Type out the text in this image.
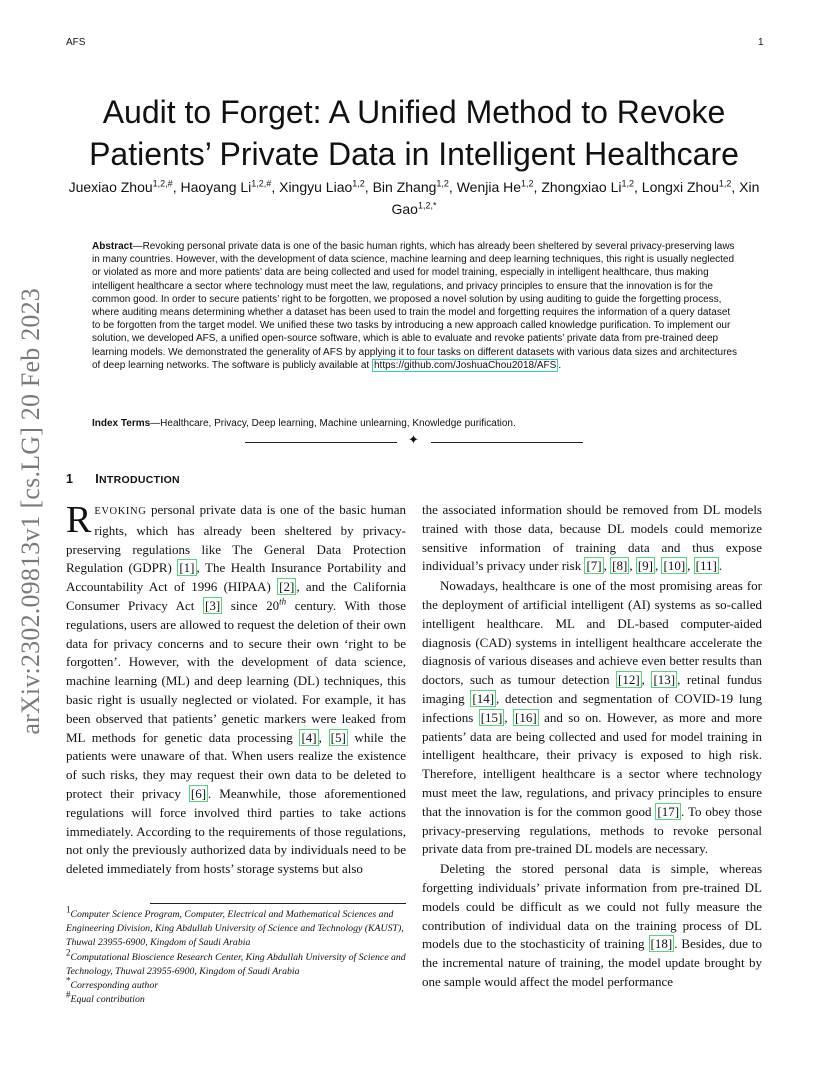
AFS	1
arXiv:2302.09813v1 [cs.LG] 20 Feb 2023
Audit to Forget: A Unified Method to Revoke Patients’ Private Data in Intelligent Healthcare
Juexiao Zhou$^{1,2,\#}$, Haoyang $Li^{1,2,\#}$, Xingyu Liao$^{1,2}$, Bin Zhang$^{1,2}$, Wenjia He$^{1,2}$, Zhongxiao Li$^{1,2}$, Longxi Zhou$^{1,2}$, Xin Gao$^{1,2,*}$
Abstract—Revoking personal private data is one of the basic human rights, which has already been sheltered by several privacy-preserving laws in many countries. However, with the development of data science, machine learning and deep learning techniques, this right is usually neglected or violated as more and more patients’ data are being collected and used for model training, especially in intelligent healthcare, thus making intelligent healthcare a sector where technology must meet the law, regulations, and privacy principles to ensure that the innovation is for the common good. In order to secure patients’ right to be forgotten, we proposed a novel solution by using auditing to guide the forgetting process, where auditing means determining whether a dataset has been used to train the model and forgetting requires the information of a query dataset to be forgotten from the target model. We unified these two tasks by introducing a new approach called knowledge purification. To implement our solution, we developed AFS, a unified open-source software, which is able to evaluate and revoke patients’ private data from pre-trained deep learning models. We demonstrated the generality of AFS by applying it to four tasks on different datasets with various data sizes and architectures of deep learning networks. The software is publicly available at https://github.com/JoshuaChou2018/AFS .
Index Terms—Healthcare, Privacy, Deep learning, Machine unlearning, Knowledge purification.
✦
1 INTRODUCTION

REVOKING personal private data is one of the basic human rights, which has already been sheltered by privacy-preserving regulations like The General Data Protection Regulation (GDPR) [1] , The Health Insurance Portability and Accountability Act of 1996 (HIPAA) [2] , and the California Consumer Privacy Act [3] since 20th century. With those regulations, users are allowed to request the deletion of their own data for privacy concerns and to secure their own ‘right to be forgotten’. However, with the development of data science, machine learning (ML) and deep learning (DL) techniques, this basic right is usually neglected or violated. For example, it has been observed that patients’ genetic markers were leaked from ML methods for genetic data processing [4] , [5] while the patients were unaware of that. When users realize the existence of such risks, they may request their own data to be deleted to protect their privacy [6] . Meanwhile, those aforementioned regulations will force involved third parties to take actions immediately. According to the requirements of those regulations, not only the previously authorized data by individuals need to be deleted immediately from hosts’ storage systems but also

the associated information should be removed from DL models trained with those data, because DL models could memorize sensitive information of training data and thus expose individual’s privacy under risk [7] , [8] , [9] , [10] , [11] .

Nowadays, healthcare is one of the most promising areas for the deployment of artificial intelligent (AI) systems as so-called intelligent healthcare. ML and DL-based computer-aided diagnosis (CAD) systems in intelligent healthcare accelerate the diagnosis of various diseases and achieve even better results than doctors, such as tumour detection [12] , [13] , retinal fundus imaging [14] , detection and segmentation of COVID-19 lung infections [15] , [16] and so on. However, as more and more patients’ data are being collected and used for model training in intelligent healthcare, their privacy is exposed to high risk. Therefore, intelligent healthcare is a sector where technology must meet the law, regulations, and privacy principles to ensure that the innovation is for the common good [17] . To obey those privacy-preserving regulations, methods to revoke personal private data from pre-trained DL models are necessary.

Deleting the stored personal data is simple, whereas forgetting individuals’ private information from pre-trained DL models could be difficult as we could not fully measure the contribution of individual data on the training process of DL models due to the stochasticity of training [18] . Besides, due to the incremental nature of training, the model update brought by one sample would affect the model performance

$^1$Computer Science Program, Computer, Electrical and Mathematical Sciences and Engineering Division, King Abdullah University of Science and Technology (KAUST), Thuwal 23955-6900, Kingdom of Saudi Arabia

$^2$Computational Bioscience Research Center, King Abdullah University of Science and Technology, Thuwal 23955-6900, Kingdom of Saudi Arabia

*Corresponding author

#Equal contribution
